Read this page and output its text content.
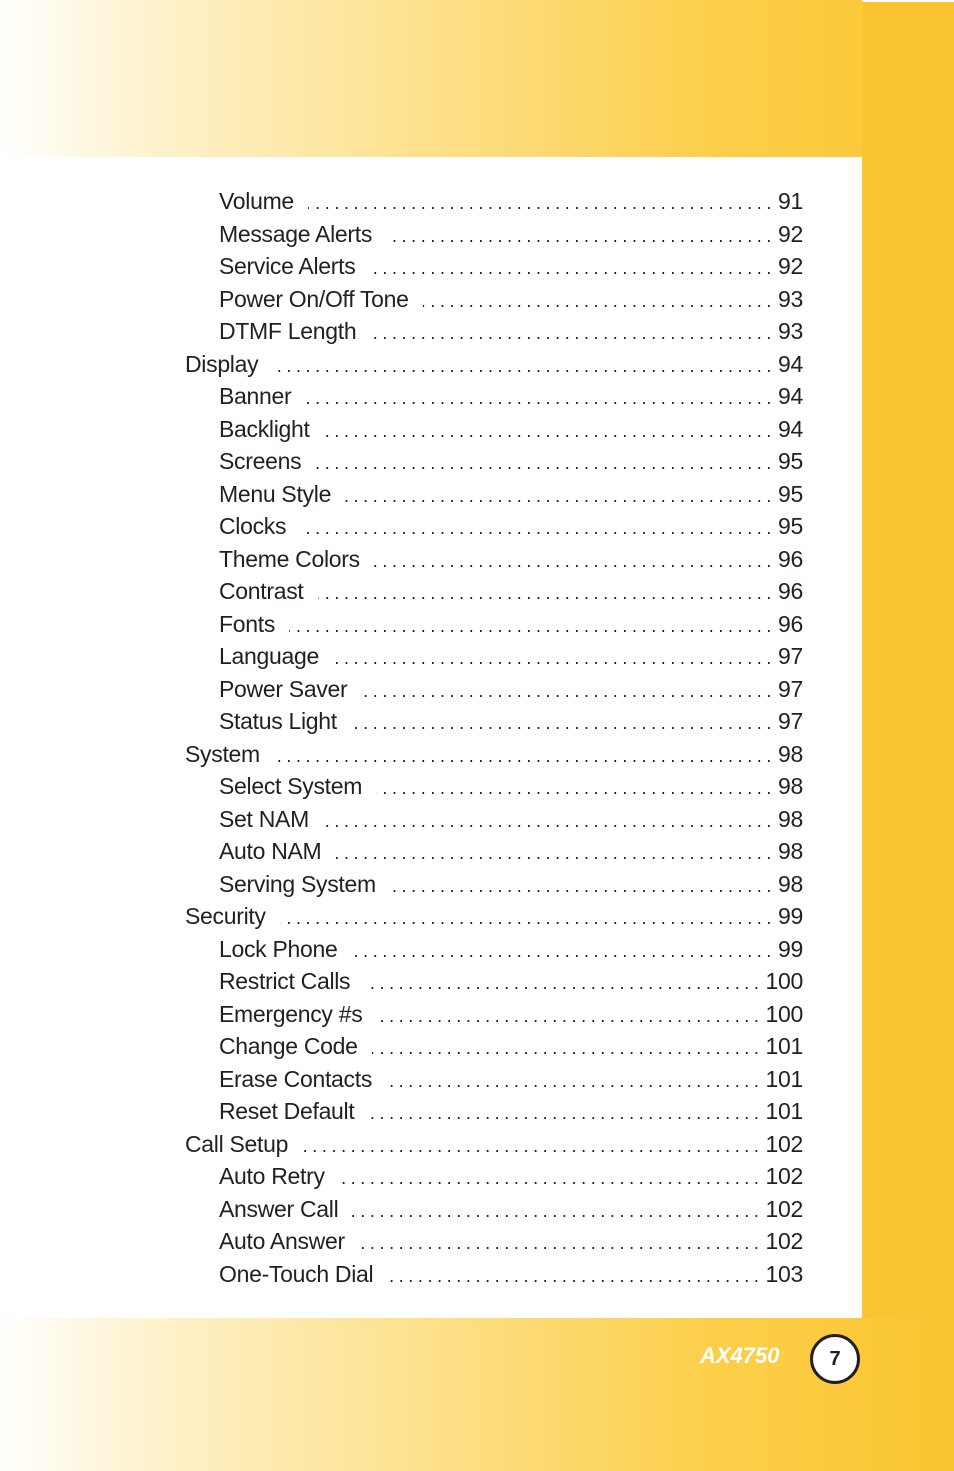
Volume .....	91
Message Alerts .....	92
Service Alerts .....	92
Power On/Off Tone .....	93
DTMF Length .....	93
Display .....	94
Banner .....	94
Backlight .....	94
Screens .....	95
Menu Style .....	95
Clocks .....	95
Theme Colors .....	96
Contrast .....	96
Fonts .....	96
Language .....	97
Power Saver .....	97
Status Light .....	97
System .....	98
Select System .....	98
Set NAM .....	98
Auto NAM .....	98
Serving System .....	98
Security .....	99
Lock Phone .....	99
Restrict Calls .....	100
Emergency #s .....	100
Change Code .....	101
Erase Contacts .....	101
Reset Default .....	101
Call Setup .....	102
Auto Retry .....	102
Answer Call .....	102
Auto Answer .....	102
One-Touch Dial .....	103
AX4750 7
